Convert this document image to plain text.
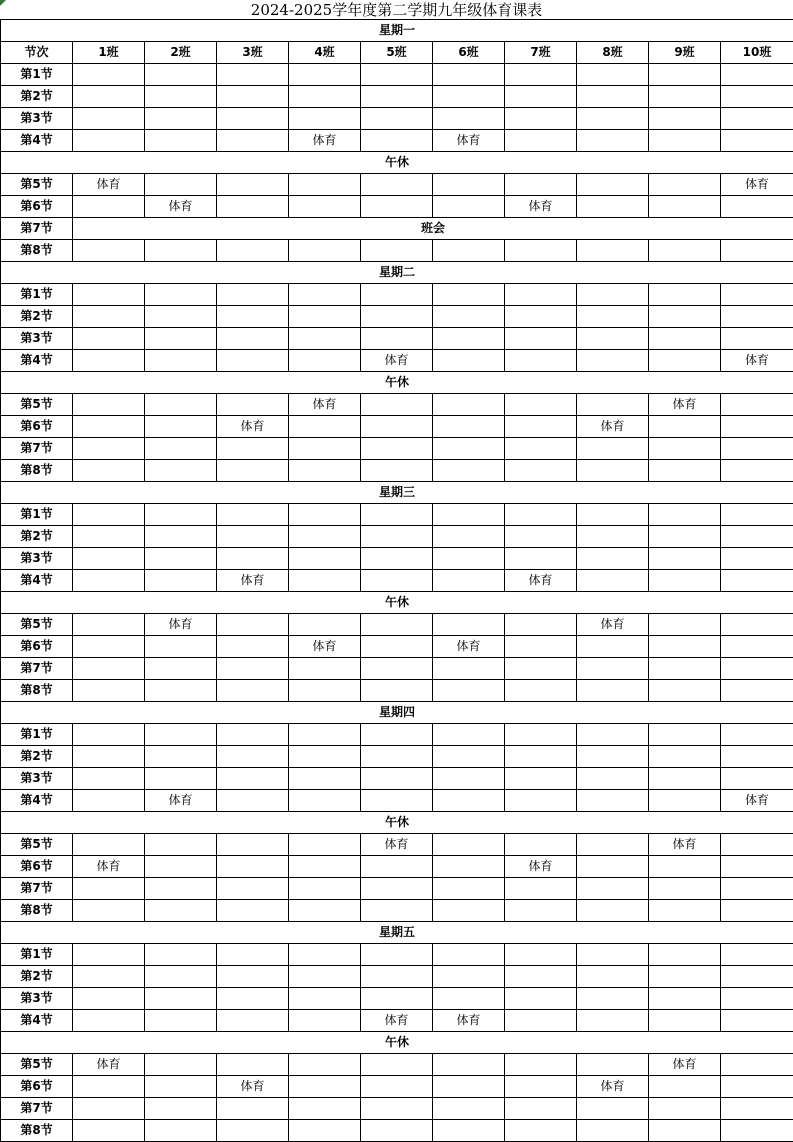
2024-2025学年度第二学期九年级体育课表
星期一										
节次	1班	2班	3班	4班	5班	6班	7班	8班	9班	10班
第1节										
第2节										
第3节										
第4节				体育		体育				
午休										
第5节	体育									体育
第6节		体育					体育			
第7节	班会									
第8节										
星期二										
第1节										
第2节										
第3节										
第4节					体育					体育
午休										
第5节				体育					体育	
第6节			体育					体育		
第7节										
第8节										
星期三										
第1节										
第2节										
第3节										
第4节			体育				体育			
午休										
第5节		体育						体育		
第6节				体育		体育				
第7节										
第8节										
星期四										
第1节										
第2节										
第3节										
第4节		体育								体育
午休										
第5节					体育				体育	
第6节	体育						体育			
第7节										
第8节										
星期五										
第1节										
第2节										
第3节										
第4节					体育	体育				
午休										
第5节	体育								体育	
第6节			体育					体育		
第7节										
第8节										
